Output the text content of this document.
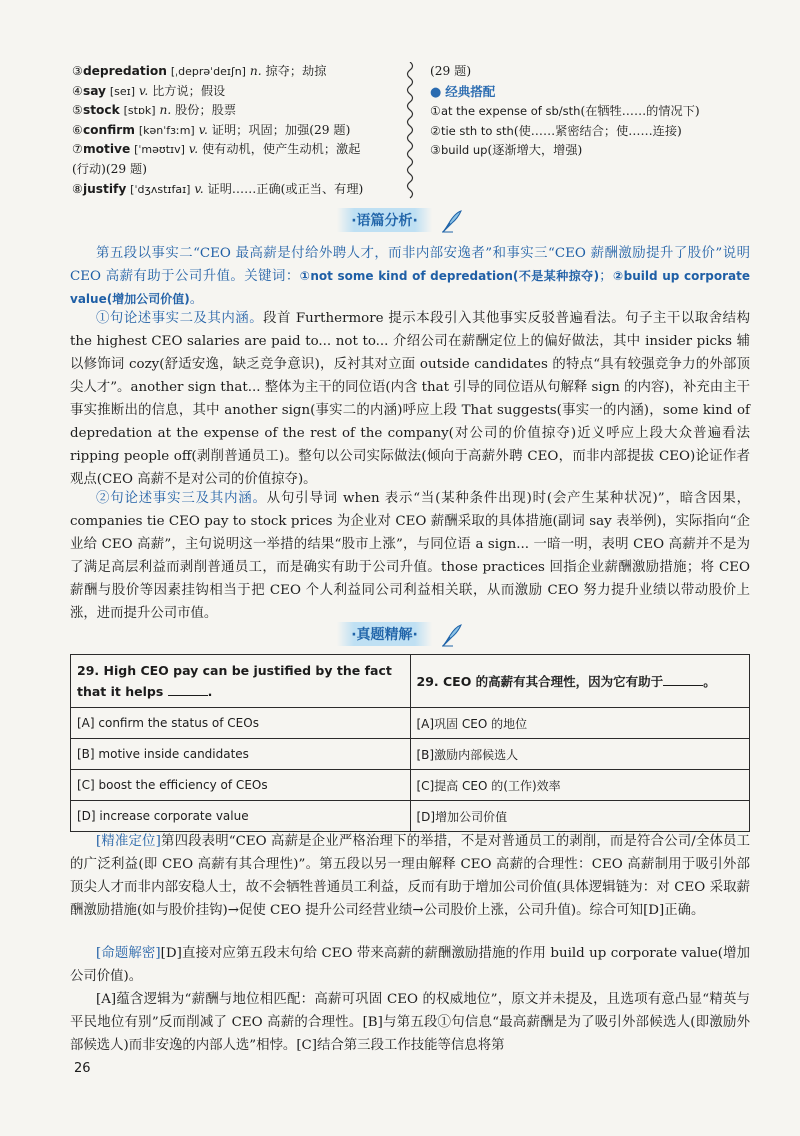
③depredation [ˌdeprəˈdeɪʃn] n. 掠夺；劫掠
④say [seɪ] v. 比方说；假设
⑤stock [stɒk] n. 股份；股票
⑥confirm [kənˈfɜːm] v. 证明；巩固；加强(29 题)
⑦motive [ˈməʊtɪv] v. 使有动机，使产生动机；激起
(行动)(29 题)
⑧justify [ˈdʒʌstɪfaɪ] v. 证明……正确(或正当、有理)
(29 题)
● 经典搭配
①at the expense of sb/sth(在牺牲……的情况下)
②tie sth to sth(使……紧密结合；使……连接)
③build up(逐渐增大，增强)
·语篇分析·
第五段以事实二“CEO 最高薪是付给外聘人才，而非内部安逸者”和事实三“CEO 薪酬激励提升了股价”说明 CEO 高薪有助于公司升值。关键词：①not some kind of depredation(不是某种掠夺)；②build up corporate value(增加公司价值)。
①句论述事实二及其内涵。段首 Furthermore 提示本段引入其他事实反驳普遍看法。句子主干以取舍结构 the highest CEO salaries are paid to... not to... 介绍公司在薪酬定位上的偏好做法，其中 insider picks 辅以修饰词 cozy(舒适安逸，缺乏竞争意识)，反衬其对立面 outside candidates 的特点“具有较强竞争力的外部顶尖人才”。another sign that... 整体为主干的同位语(内含 that 引导的同位语从句解释 sign 的内容)，补充由主干事实推断出的信息，其中 another sign(事实二的内涵)呼应上段 That suggests(事实一的内涵)，some kind of depredation at the expense of the rest of the company(对公司的价值掠夺)近义呼应上段大众普遍看法 ripping people off(剥削普通员工)。整句以公司实际做法(倾向于高薪外聘 CEO，而非内部提拔 CEO)论证作者观点(CEO 高薪不是对公司的价值掠夺)。
②句论述事实三及其内涵。从句引导词 when 表示“当(某种条件出现)时(会产生某种状况)”，暗含因果，companies tie CEO pay to stock prices 为企业对 CEO 薪酬采取的具体措施(副词 say 表举例)，实际指向“企业给 CEO 高薪”，主句说明这一举措的结果“股市上涨”，与同位语 a sign... 一暗一明，表明 CEO 高薪并不是为了满足高层利益而剥削普通员工，而是确实有助于公司升值。those practices 回指企业薪酬激励措施；将 CEO 薪酬与股价等因素挂钩相当于把 CEO 个人利益同公司利益相关联，从而激励 CEO 努力提升业绩以带动股价上涨，进而提升公司市值。
·真题精解·
29. High CEO pay can be justified by the fact that it helps .	29. CEO 的高薪有其合理性，因为它有助于 。
[A] confirm the status of CEOs	[A]巩固 CEO 的地位
[B] motive inside candidates	[B]激励内部候选人
[C] boost the efficiency of CEOs	[C]提高 CEO 的(工作)效率
[D] increase corporate value	[D]增加公司价值
[精准定位]第四段表明“CEO 高薪是企业严格治理下的举措，不是对普通员工的剥削，而是符合公司/全体员工的广泛利益(即 CEO 高薪有其合理性)”。第五段以另一理由解释 CEO 高薪的合理性：CEO 高薪制用于吸引外部顶尖人才而非内部安稳人士，故不会牺牲普通员工利益，反而有助于增加公司价值(具体逻辑链为：对 CEO 采取薪酬激励措施(如与股价挂钩)→促使 CEO 提升公司经营业绩→公司股价上涨，公司升值)。综合可知[D]正确。
[命题解密][D]直接对应第五段末句给 CEO 带来高薪的薪酬激励措施的作用 build up corporate value(增加公司价值)。
[A]蕴含逻辑为“薪酬与地位相匹配：高薪可巩固 CEO 的权威地位”，原文并未提及，且选项有意凸显“精英与平民地位有别”反而削减了 CEO 高薪的合理性。[B]与第五段①句信息“最高薪酬是为了吸引外部候选人(即激励外部候选人)而非安逸的内部人选”相悖。[C]结合第三段工作技能等信息将第
26
